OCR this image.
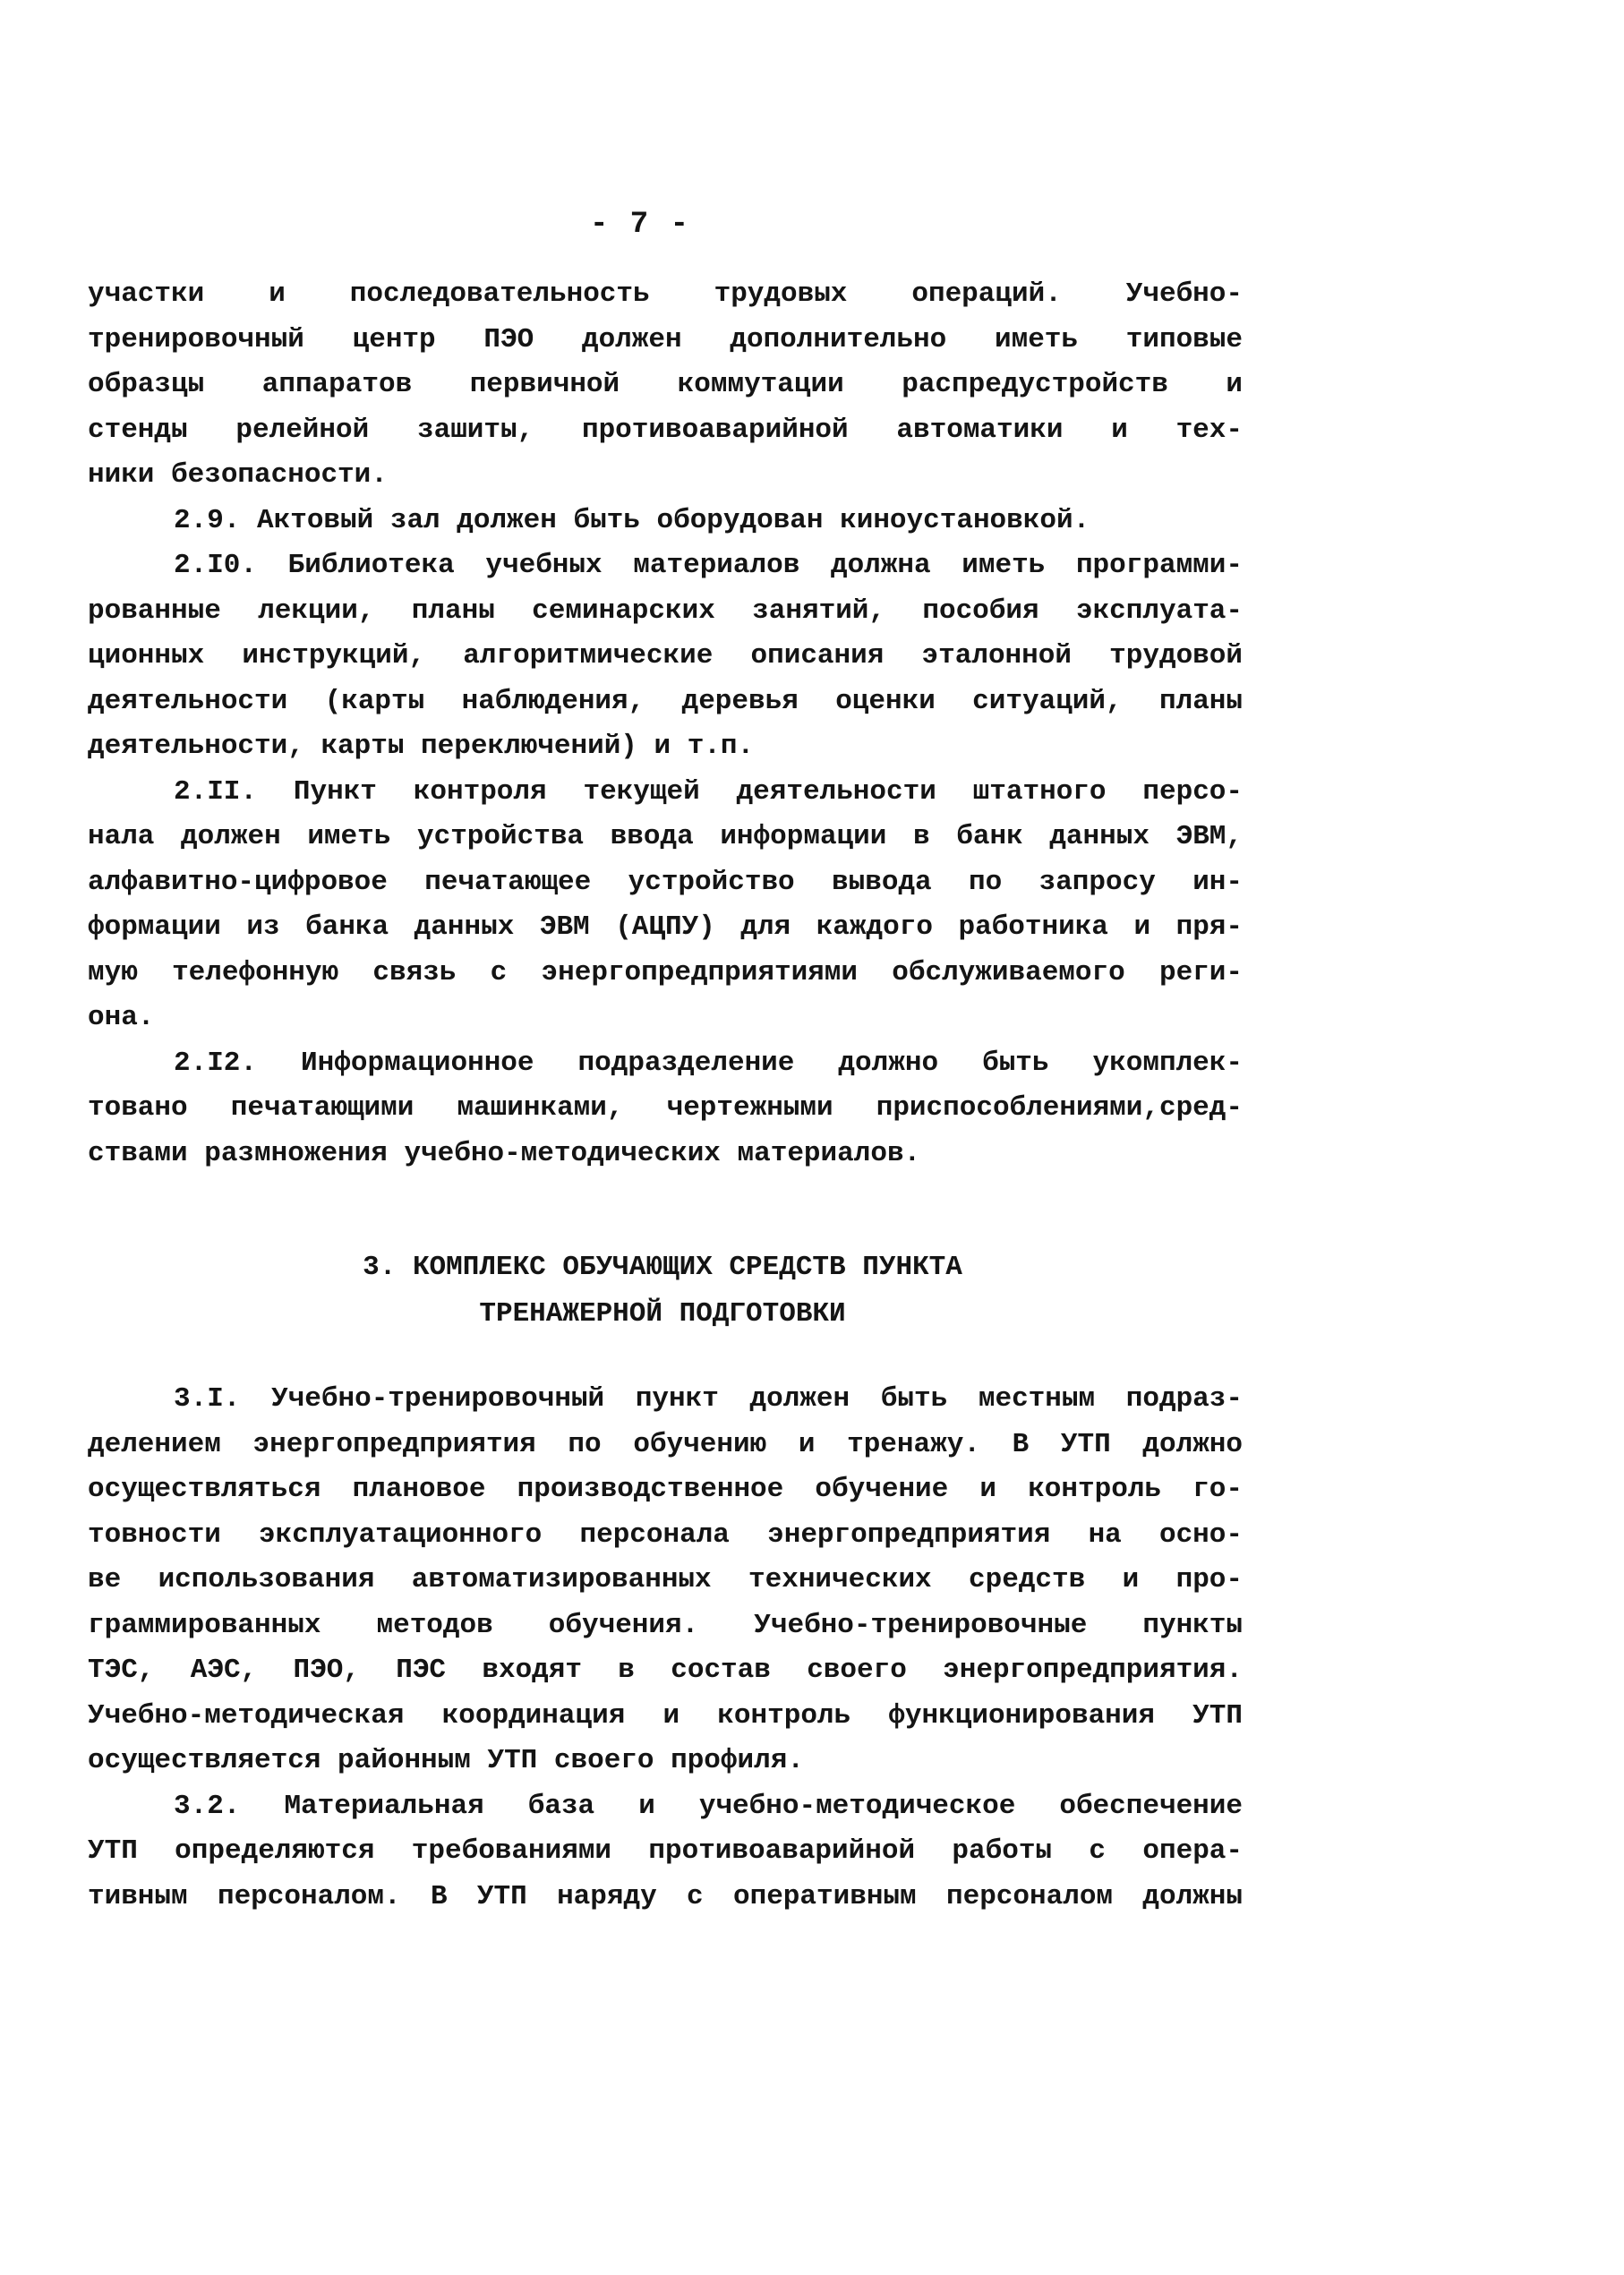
- 7 -
участки и последовательность трудовых операций. Учебно-
тренировочный центр ПЭО должен дополнительно иметь типовые
образцы аппаратов первичной коммутации распредустройств и
стенды релейной зашиты, противоаварийной автоматики и тех-
ники безопасности.
2.9. Актовый зал должен быть оборудован киноустановкой.
2.I0. Библиотека учебных материалов должна иметь программи-
рованные лекции, планы семинарских занятий, пособия эксплуата-
ционных инструкций, алгоритмические описания эталонной трудовой
деятельности (карты наблюдения, деревья оценки ситуаций, планы
деятельности, карты переключений) и т.п.
2.II. Пункт контроля текущей деятельности штатного персо-
нала должен иметь устройства ввода информации в банк данных ЭВМ,
алфавитно-цифровое печатающее устройство вывода по запросу ин-
формации из банка данных ЭВМ (АЦПУ) для каждого работника и пря-
мую телефонную связь с энергопредприятиями обслуживаемого реги-
она.
2.I2. Информационное подразделение должно быть укомплек-
товано печатающими машинками, чертежными приспособлениями,сред-
ствами размножения учебно-методических материалов.
3. КОМПЛЕКС ОБУЧАЮЩИХ СРЕДСТВ ПУНКТА
ТРЕНАЖЕРНОЙ ПОДГОТОВКИ
3.I. Учебно-тренировочный пункт должен быть местным подраз-
делением энергопредприятия по обучению и тренажу. В УТП должно
осуществляться плановое производственное обучение и контроль го-
товности эксплуатационного персонала энергопредприятия на осно-
ве использования автоматизированных технических средств и про-
граммированных методов обучения. Учебно-тренировочные пункты
ТЭС, АЭС, ПЭО, ПЭС входят в состав своего энергопредприятия.
Учебно-методическая координация и контроль функционирования УТП
осуществляется районным УТП своего профиля.
3.2. Материальная база и учебно-методическое обеспечение
УТП определяются требованиями противоаварийной работы с опера-
тивным персоналом. В УТП наряду с оперативным персоналом должны
